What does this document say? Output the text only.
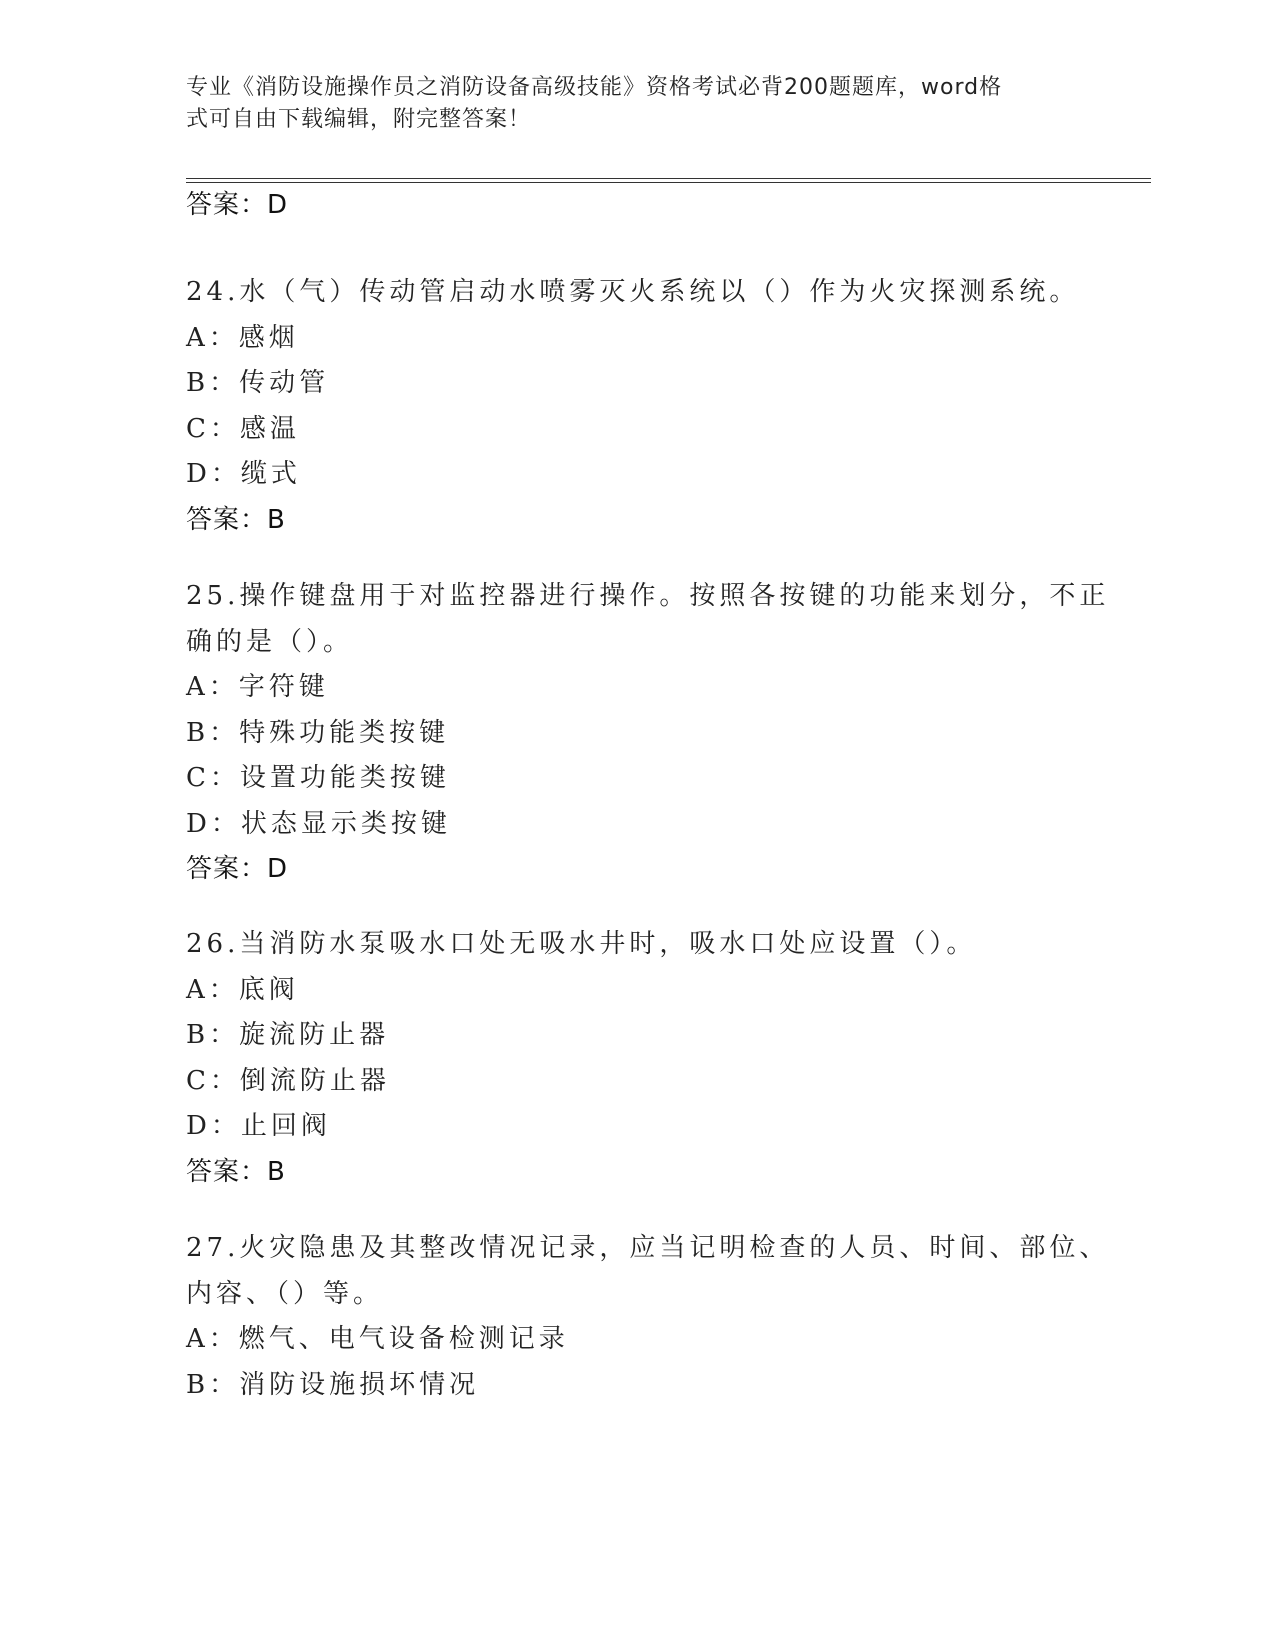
专业《消防设施操作员之消防设备高级技能》资格考试必背200题题库，word格
式可自由下载编辑，附完整答案！
答案：D
24.水（气）传动管启动水喷雾灭火系统以（）作为火灾探测系统。
A：感烟
B：传动管
C：感温
D：缆式
答案：B
25.操作键盘用于对监控器进行操作。按照各按键的功能来划分，不正
确的是（）。
A：字符键
B：特殊功能类按键
C：设置功能类按键
D：状态显示类按键
答案：D
26.当消防水泵吸水口处无吸水井时，吸水口处应设置（）。
A：底阀
B：旋流防止器
C：倒流防止器
D：止回阀
答案：B
27.火灾隐患及其整改情况记录，应当记明检查的人员、时间、部位、
内容、（）等。
A：燃气、电气设备检测记录
B：消防设施损坏情况
